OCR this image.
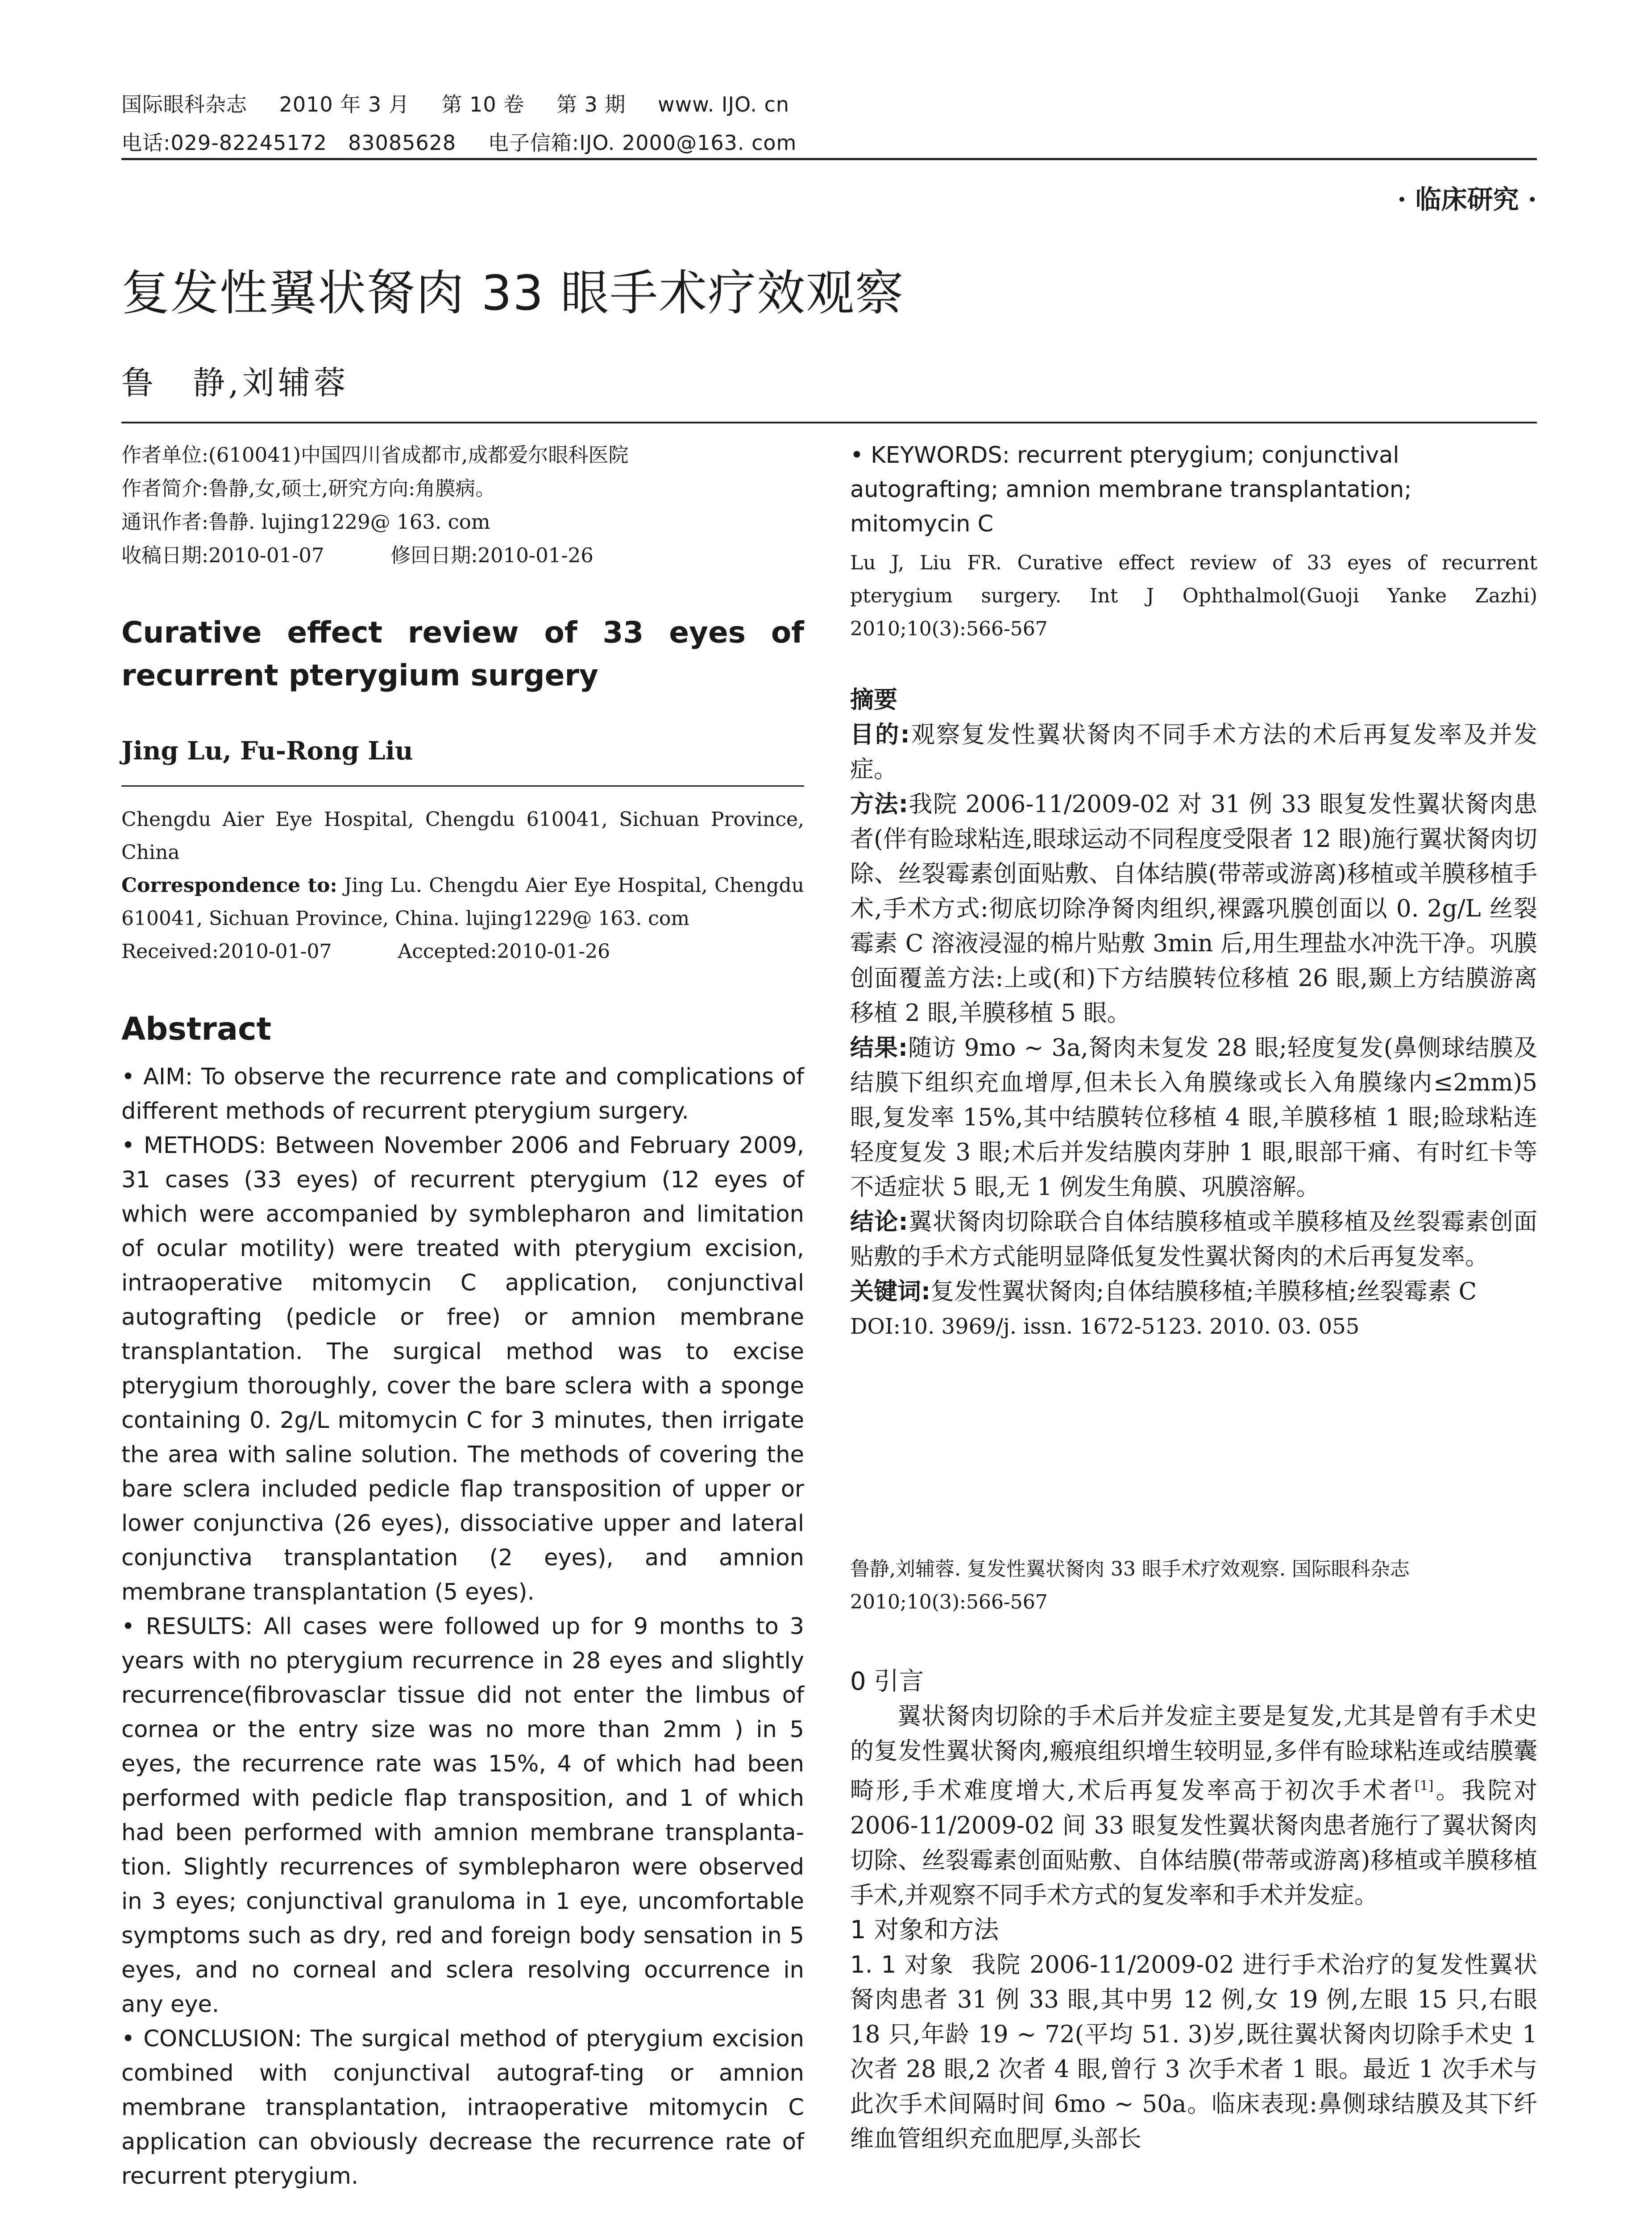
国际眼科杂志 2010 年 3 月 第 10 卷 第 3 期 www. IJO. cn
电话:029-82245172　83085628 电子信箱:IJO. 2000@163. com
· 临床研究 ·
复发性翼状胬肉 33 眼手术疗效观察
鲁　静,刘辅蓉
作者单位:(610041)中国四川省成都市,成都爱尔眼科医院
作者简介:鲁静,女,硕士,研究方向:角膜病。
通讯作者:鲁静. lujing1229@ 163. com
收稿日期:2010-01-07	修回日期:2010-01-26
Curative effect review of 33 eyes of recurrent pterygium surgery
Jing Lu, Fu-Rong Liu
Chengdu Aier Eye Hospital, Chengdu 610041, Sichuan Province, China
Correspondence to: Jing Lu. Chengdu Aier Eye Hospital, Chengdu 610041, Sichuan Province, China. lujing1229@ 163. com
Received:2010-01-07	Accepted:2010-01-26
Abstract

• AIM: To observe the recurrence rate and complications of different methods of recurrent pterygium surgery.

• METHODS: Between November 2006 and February 2009, 31 cases (33 eyes) of recurrent pterygium (12 eyes of which were accompanied by symblepharon and limitation of ocular motility) were treated with pterygium excision, intraoperative mitomycin C application, conjunctival autografting (pedicle or free) or amnion membrane transplantation. The surgical method was to excise pterygium thoroughly, cover the bare sclera with a sponge containing 0. 2g/L mitomycin C for 3 minutes, then irrigate the area with saline solution. The methods of covering the bare sclera included pedicle flap transposition of upper or lower conjunctiva (26 eyes), dissociative upper and lateral conjunctiva transplantation (2 eyes), and amnion membrane transplantation (5 eyes).

• RESULTS: All cases were followed up for 9 months to 3 years with no pterygium recurrence in 28 eyes and slightly recurrence(fibrovasclar tissue did not enter the limbus of cornea or the entry size was no more than 2mm ) in 5 eyes, the recurrence rate was 15%, 4 of which had been performed with pedicle flap transposition, and 1 of which had been performed with amnion membrane transplanta-tion. Slightly recurrences of symblepharon were observed in 3 eyes; conjunctival granuloma in 1 eye, uncomfortable symptoms such as dry, red and foreign body sensation in 5 eyes, and no corneal and sclera resolving occurrence in any eye.

• CONCLUSION: The surgical method of pterygium excision combined with conjunctival autograf-ting or amnion membrane transplantation, intraoperative mitomycin C application can obviously decrease the recurrence rate of recurrent pterygium.

• KEYWORDS: recurrent pterygium; conjunctival autografting; amnion membrane transplantation; mitomycin C
Lu J, Liu FR. Curative effect review of 33 eyes of recurrent pterygium surgery. Int J Ophthalmol(Guoji Yanke Zazhi) 2010;10(3):566-567

摘要

目的:观察复发性翼状胬肉不同手术方法的术后再复发率及并发症。

方法:我院 2006-11/2009-02 对 31 例 33 眼复发性翼状胬肉患者(伴有睑球粘连,眼球运动不同程度受限者 12 眼)施行翼状胬肉切除、丝裂霉素创面贴敷、自体结膜(带蒂或游离)移植或羊膜移植手术,手术方式:彻底切除净胬肉组织,裸露巩膜创面以 0. 2g/L 丝裂霉素 C 溶液浸湿的棉片贴敷 3min 后,用生理盐水冲洗干净。巩膜创面覆盖方法:上或(和)下方结膜转位移植 26 眼,颞上方结膜游离移植 2 眼,羊膜移植 5 眼。

结果:随访 9mo ~ 3a,胬肉未复发 28 眼;轻度复发(鼻侧球结膜及结膜下组织充血增厚,但未长入角膜缘或长入角膜缘内≤2mm)5 眼,复发率 15%,其中结膜转位移植 4 眼,羊膜移植 1 眼;睑球粘连轻度复发 3 眼;术后并发结膜肉芽肿 1 眼,眼部干痛、有时红卡等不适症状 5 眼,无 1 例发生角膜、巩膜溶解。

结论:翼状胬肉切除联合自体结膜移植或羊膜移植及丝裂霉素创面贴敷的手术方式能明显降低复发性翼状胬肉的术后再复发率。

关键词:复发性翼状胬肉;自体结膜移植;羊膜移植;丝裂霉素 C

DOI:10. 3969/j. issn. 1672-5123. 2010. 03. 055

鲁静,刘辅蓉. 复发性翼状胬肉 33 眼手术疗效观察. 国际眼科杂志 2010;10(3):566-567

0 引言

翼状胬肉切除的手术后并发症主要是复发,尤其是曾有手术史的复发性翼状胬肉,瘢痕组织增生较明显,多伴有睑球粘连或结膜囊畸形,手术难度增大,术后再复发率高于初次手术者[1]。我院对 2006-11/2009-02 间 33 眼复发性翼状胬肉患者施行了翼状胬肉切除、丝裂霉素创面贴敷、自体结膜(带蒂或游离)移植或羊膜移植手术,并观察不同手术方式的复发率和手术并发症。

1 对象和方法

1. 1 对象 我院 2006-11/2009-02 进行手术治疗的复发性翼状胬肉患者 31 例 33 眼,其中男 12 例,女 19 例,左眼 15 只,右眼 18 只,年龄 19 ~ 72(平均 51. 3)岁,既往翼状胬肉切除手术史 1 次者 28 眼,2 次者 4 眼,曾行 3 次手术者 1 眼。最近 1 次手术与此次手术间隔时间 6mo ~ 50a。临床表现:鼻侧球结膜及其下纤维血管组织充血肥厚,头部长
